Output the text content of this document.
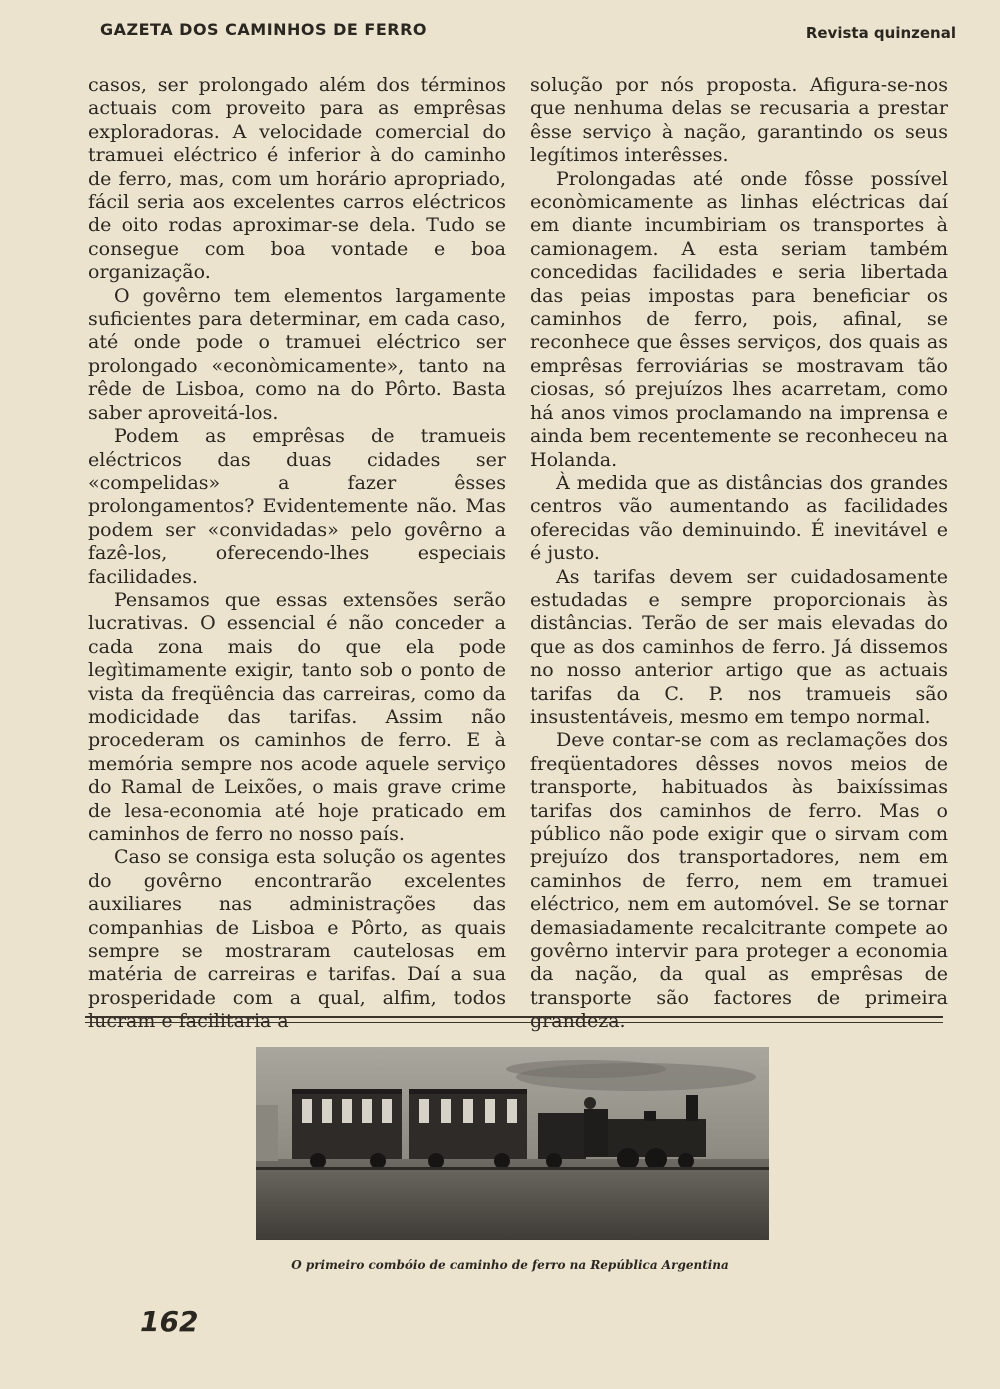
GAZETA DOS CAMINHOS DE FERRO	Revista quinzenal

casos, ser prolongado além dos términos actuais com proveito para as emprêsas exploradoras. A velocidade comercial do tramuei eléctrico é inferior à do caminho de ferro, mas, com um horário apropriado, fácil seria aos excelentes carros eléctricos de oito rodas aproximar-se dela. Tudo se consegue com boa vontade e boa organização.

O govêrno tem elementos largamente suficientes para determinar, em cada caso, até onde pode o tramuei eléctrico ser prolongado «econòmicamente», tanto na rêde de Lisboa, como na do Pôrto. Basta saber aproveitá-los.

Podem as emprêsas de tramueis eléctricos das duas cidades ser «compelidas» a fazer êsses prolongamentos? Evidentemente não. Mas podem ser «convidadas» pelo govêrno a fazê-los, oferecendo-lhes especiais facilidades.

Pensamos que essas extensões serão lucrativas. O essencial é não conceder a cada zona mais do que ela pode legìtimamente exigir, tanto sob o ponto de vista da freqüência das carreiras, como da modicidade das tarifas. Assim não procederam os caminhos de ferro. E à memória sempre nos acode aquele serviço do Ramal de Leixões, o mais grave crime de lesa-economia até hoje praticado em caminhos de ferro no nosso país.

Caso se consiga esta solução os agentes do govêrno encontrarão excelentes auxiliares nas administrações das companhias de Lisboa e Pôrto, as quais sempre se mostraram cautelosas em matéria de carreiras e tarifas. Daí a sua prosperidade com a qual, alfim, todos lucram e facilitaria a

solução por nós proposta. Afigura-se-nos que nenhuma delas se recusaria a prestar êsse serviço à nação, garantindo os seus legítimos interêsses.

Prolongadas até onde fôsse possível econòmicamente as linhas eléctricas daí em diante incumbiriam os transportes à camionagem. A esta seriam também concedidas facilidades e seria libertada das peias impostas para beneficiar os caminhos de ferro, pois, afinal, se reconhece que êsses serviços, dos quais as emprêsas ferroviárias se mostravam tão ciosas, só prejuízos lhes acarretam, como há anos vimos proclamando na imprensa e ainda bem recentemente se reconheceu na Holanda.

À medida que as distâncias dos grandes centros vão aumentando as facilidades oferecidas vão deminuindo. É inevitável e é justo.

As tarifas devem ser cuidadosamente estudadas e sempre proporcionais às distâncias. Terão de ser mais elevadas do que as dos caminhos de ferro. Já dissemos no nosso anterior artigo que as actuais tarifas da C. P. nos tramueis são insustentáveis, mesmo em tempo normal.

Deve contar-se com as reclamações dos freqüentadores dêsses novos meios de transporte, habituados às baixíssimas tarifas dos caminhos de ferro. Mas o público não pode exigir que o sirvam com prejuízo dos transportadores, nem em caminhos de ferro, nem em tramuei eléctrico, nem em automóvel. Se se tornar demasiadamente recalcitrante compete ao govêrno intervir para proteger a economia da nação, da qual as emprêsas de transporte são factores de primeira grandeza.

O primeiro combóio de caminho de ferro na República Argentina
162
